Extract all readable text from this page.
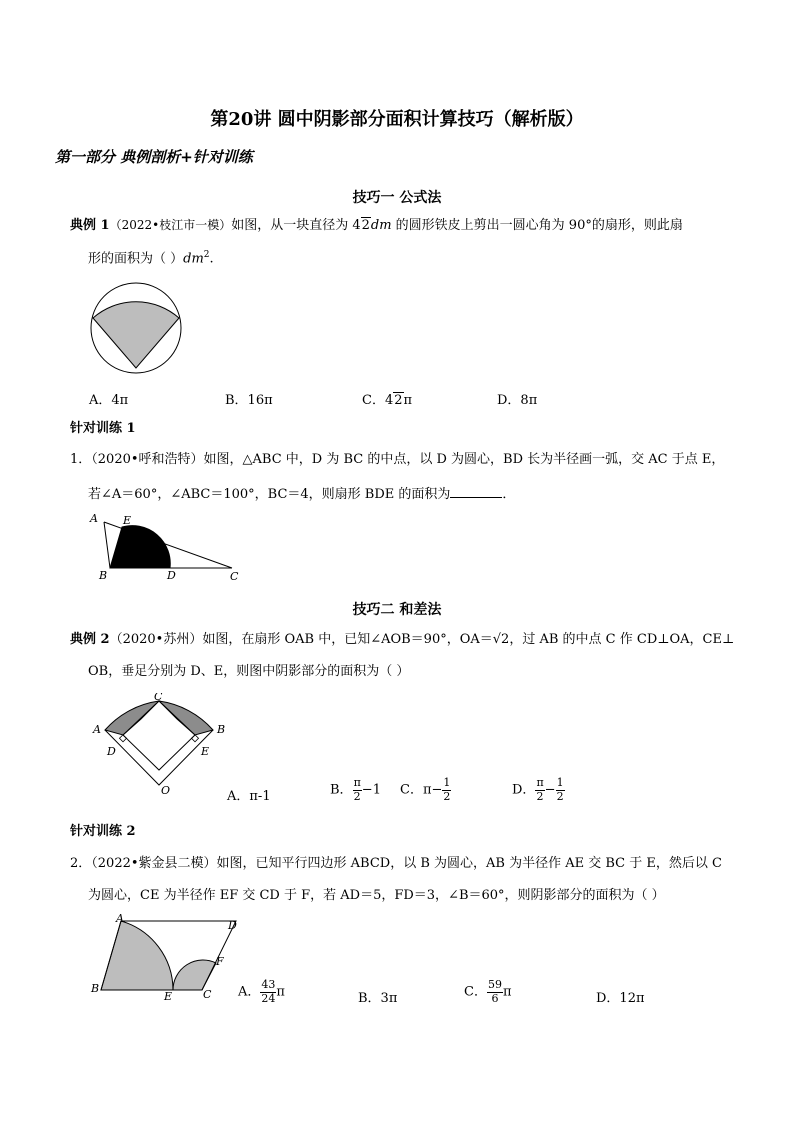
第20讲 圆中阴影部分面积计算技巧（解析版）
第一部分 典例剖析+针对训练
技巧一 公式法
典例 1（2022•枝江市一模）如图，从一块直径为 42dm 的圆形铁皮上剪出一圆心角为 90°的扇形，则此扇
形的面积为（ ）$dm^2$.
A．4π	B．16π	C．42π	D．8π
针对训练 1
1．（2020•呼和浩特）如图，△ABC 中，D 为 BC 的中点，以 D 为圆心，BD 长为半径画一弧，交 AC 于点 E，
若∠A＝60°，∠ABC＝100°，BC＝4，则扇形 BDE 的面积为	．
A E
B	D	C
技巧二 和差法
典例 2（2020•苏州）如图，在扇形 OAB 中，已知∠AOB＝90°，OA＝√2，过 AB 的中点 C 作 CD⊥OA，CE⊥
OB，垂足分别为 D、E，则图中阴影部分的面积为（ ）
C
A	B
D	E
O	A．π-1	B． $\frac{\pi}{2} -1$ C．$\pi- \frac{1}{2}$	D． $\frac{\pi}{2} - \frac{1}{2}$
针对训练 2
2．（2022•紫金县二模）如图，已知平行四边形 ABCD，以 B 为圆心，AB 为半径作 AE 交 BC 于 E，然后以 C
为圆心，CE 为半径作 EF 交 CD 于 F，若 AD＝5，FD＝3，∠B＝60°，则阴影部分的面积为（ ）
A
D
F
B
E	C A． $\frac{43}{24}$ π	B．3π	C． $\frac{59}{6}$ π	D．12π
